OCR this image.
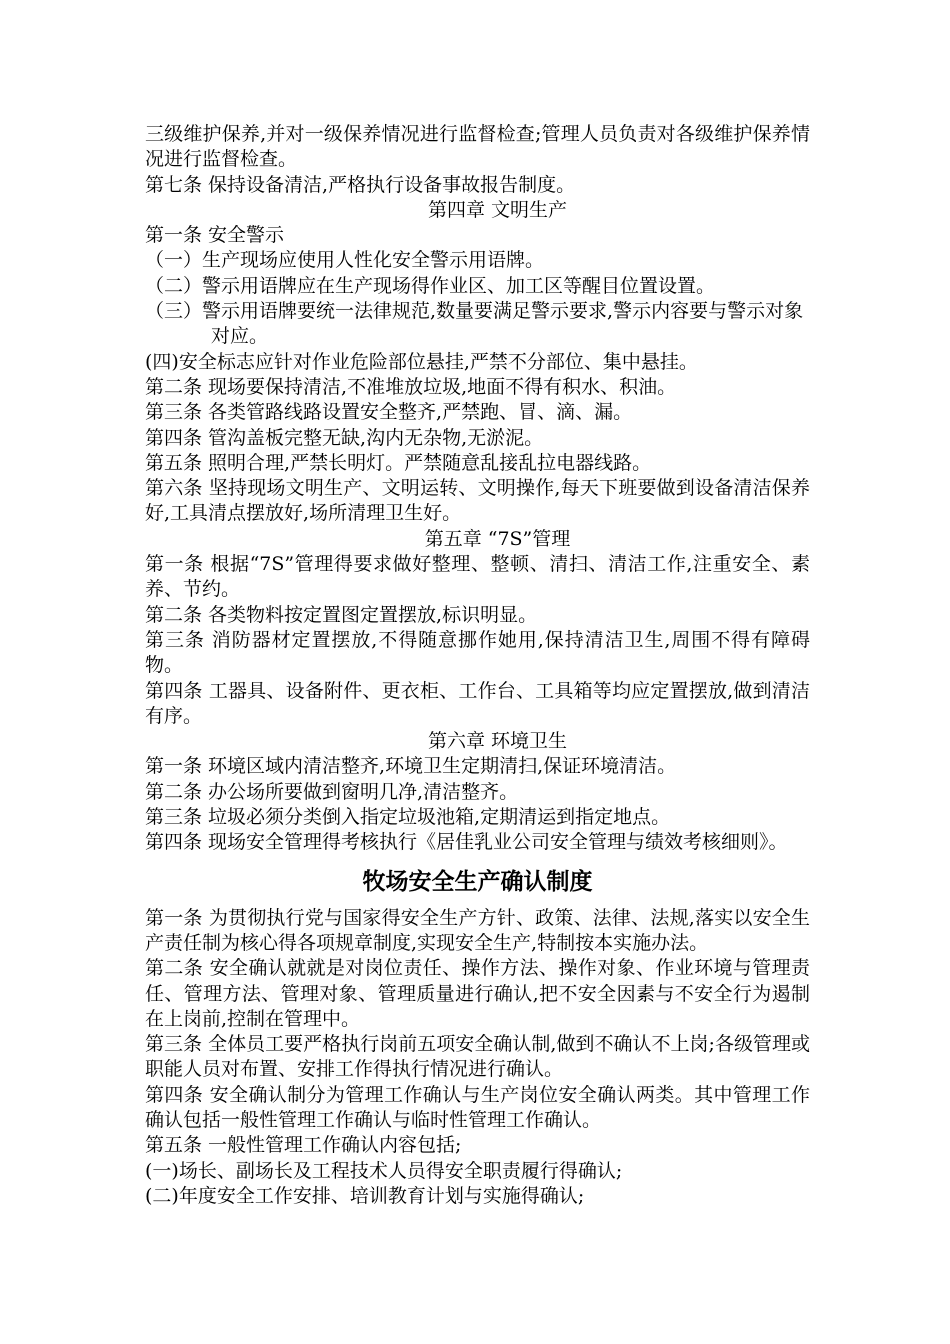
三级维护保养,并对一级保养情况进行监督检查;管理人员负责对各级维护保养情况进行监督检查。

第七条 保持设备清洁,严格执行设备事故报告制度。

第四章 文明生产

第一条 安全警示

（一）生产现场应使用人性化安全警示用语牌。

（二）警示用语牌应在生产现场得作业区、加工区等醒目位置设置。

（三）警示用语牌要统一法律规范,数量要满足警示要求,警示内容要与警示对象对应。

(四)安全标志应针对作业危险部位悬挂,严禁不分部位、集中悬挂。

第二条 现场要保持清洁,不准堆放垃圾,地面不得有积水、积油。

第三条 各类管路线路设置安全整齐,严禁跑、冒、滴、漏。

第四条 管沟盖板完整无缺,沟内无杂物,无淤泥。

第五条 照明合理,严禁长明灯。严禁随意乱接乱拉电器线路。

第六条 坚持现场文明生产、文明运转、文明操作,每天下班要做到设备清洁保养好,工具清点摆放好,场所清理卫生好。

第五章 “7S”管理

第一条 根据“7S”管理得要求做好整理、整顿、清扫、清洁工作,注重安全、素养、节约。

第二条 各类物料按定置图定置摆放,标识明显。

第三条 消防器材定置摆放,不得随意挪作她用,保持清洁卫生,周围不得有障碍物。

第四条 工器具、设备附件、更衣柜、工作台、工具箱等均应定置摆放,做到清洁有序。

第六章 环境卫生

第一条 环境区域内清洁整齐,环境卫生定期清扫,保证环境清洁。

第二条 办公场所要做到窗明几净,清洁整齐。

第三条 垃圾必须分类倒入指定垃圾池箱,定期清运到指定地点。

第四条 现场安全管理得考核执行《居佳乳业公司安全管理与绩效考核细则》。

牧场安全生产确认制度

第一条 为贯彻执行党与国家得安全生产方针、政策、法律、法规,落实以安全生产责任制为核心得各项规章制度,实现安全生产,特制按本实施办法。

第二条 安全确认就就是对岗位责任、操作方法、操作对象、作业环境与管理责任、管理方法、管理对象、管理质量进行确认,把不安全因素与不安全行为遏制在上岗前,控制在管理中。

第三条 全体员工要严格执行岗前五项安全确认制,做到不确认不上岗;各级管理或职能人员对布置、安排工作得执行情况进行确认。

第四条 安全确认制分为管理工作确认与生产岗位安全确认两类。其中管理工作确认包括一般性管理工作确认与临时性管理工作确认。

第五条 一般性管理工作确认内容包括;

(一)场长、副场长及工程技术人员得安全职责履行得确认;

(二)年度安全工作安排、培训教育计划与实施得确认;
